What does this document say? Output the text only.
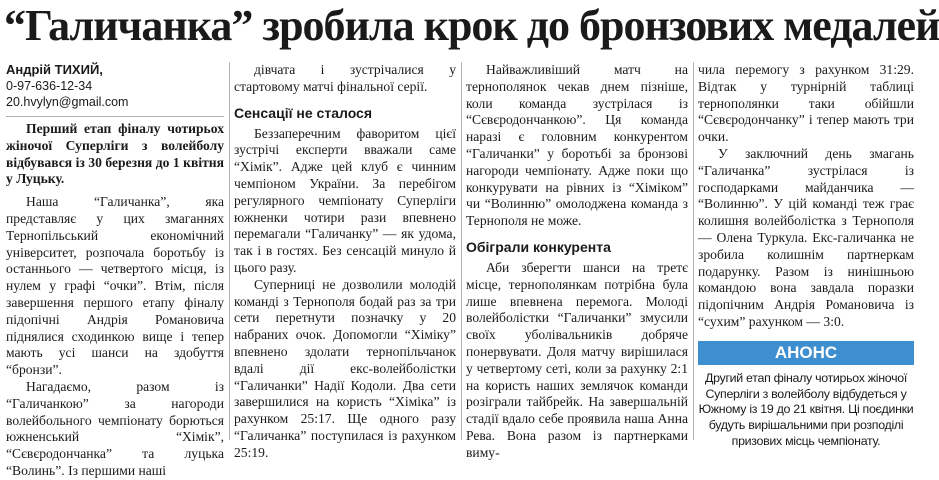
“Галичанка” зробила крок до бронзових медалей
Андрій ТИХИЙ,
0-97-636-12-34
20.hvylyn@gmail.com

Перший етап фіналу чотирьох жіночої Суперліги з волейболу відбувався із 30 березня до 1 квітня у Луцьку.

Наша “Галичанка”, яка представляє у цих змаганнях Тернопільський економічний університет, розпочала боротьбу із останнього — четвертого місця, із нулем у графі “очки”. Втім, після завершення першого етапу фіналу підопічні Андрія Романовича піднялися сходинкою вище і тепер мають усі шанси на здобуття “бронзи”.

Нагадаємо, разом із “Галичанкою” за нагороди волейбольного чемпіонату борються южненський “Хімік”, “Сєвєродончанка” та луцька “Волинь”. Із першими наші

дівчата і зустрічалися у стартовому матчі фінальної серії.

Сенсації не сталося

Беззаперечним фаворитом цієї зустрічі експерти вважали саме “Хімік”. Адже цей клуб є чинним чемпіоном України. За перебігом регулярного чемпіонату Суперліги южненки чотири рази впевнено перемагали “Галичанку” — як удома, так і в гостях. Без сенсацій минуло й цього разу.

Суперниці не дозволили молодій команді з Тернополя бодай раз за три сети перетнути позначку у 20 набраних очок. Допомогли “Хіміку” впевнено здолати тернопільчанок вдалі дії екс-волейболістки “Галичанки” Надії Кодоли. Два сети завершилися на користь “Хіміка” із рахунком 25:17. Ще одного разу “Галичанка” поступилася із рахунком 25:19.

Найважливіший матч на тернополянок чекав днем пізніше, коли команда зустрілася із “Сєвєродончанкою”. Ця команда наразі є головним конкурентом “Галичанки” у боротьбі за бронзові нагороди чемпіонату. Адже поки що конкурувати на рівних із “Хіміком” чи “Волинню” омолоджена команда з Тернополя не може.

Обіграли конкурента

Аби зберегти шанси на третє місце, тернополянкам потрібна була лише впевнена перемога. Молоді волейболістки “Галичанки” змусили своїх уболівальників добряче понервувати. Доля матчу вирішилася у четвертому сеті, коли за рахунку 2:1 на користь наших землячок команди розіграли тайбрейк. На завершальній стадії вдало себе проявила наша Анна Рева. Вона разом із партнерками виму-

чила перемогу з рахунком 31:29. Відтак у турнірній таблиці тернополянки таки обійшли “Сєвєродончанку” і тепер мають три очки.

У заключний день змагань “Галичанка” зустрілася із господарками майданчика — “Волинню”. У цій команді теж грає колишня волейболістка з Тернополя — Олена Туркула. Екс-галичанка не зробила колишнім партнеркам подарунку. Разом із нинішньою командою вона завдала поразки підопічним Андрія Романовича із “сухим” рахунком — 3:0.

АНОНС
Другий етап фіналу чотирьох жіночої Суперліги з волейболу відбудеться у Южному із 19 до 21 квітня. Ці поєдинки будуть вирішальними при розподілі призових місць чемпіонату.
